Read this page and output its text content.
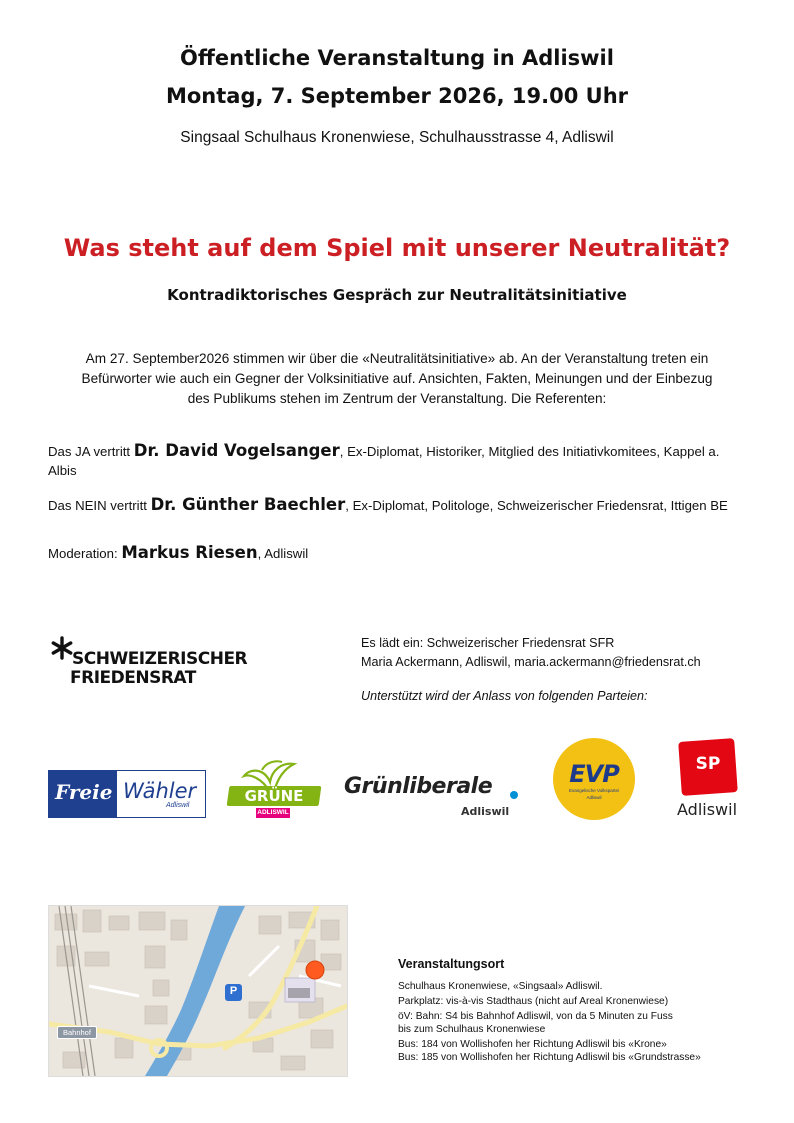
Öffentliche Veranstaltung in Adliswil
Montag, 7. September 2026, 19.00 Uhr
Singsaal Schulhaus Kronenwiese, Schulhausstrasse 4, Adliswil
Was steht auf dem Spiel mit unserer Neutralität?
Kontradiktorisches Gespräch zur Neutralitätsinitiative
Am 27. September2026 stimmen wir über die «Neutralitätsinitiative» ab. An der Veranstaltung treten ein Befürworter wie auch ein Gegner der Volksinitiative auf. Ansichten, Fakten, Meinungen und der Einbezug des Publikums stehen im Zentrum der Veranstaltung. Die Referenten:
Das JA vertritt Dr. David Vogelsanger, Ex-Diplomat, Historiker, Mitglied des Initiativkomitees, Kappel a. Albis
Das NEIN vertritt Dr. Günther Baechler, Ex-Diplomat, Politologe, Schweizerischer Friedensrat, Ittigen BE
Moderation: Markus Riesen, Adliswil
SCHWEIZERISCHER
FRIEDENSRAT
Es lädt ein: Schweizerischer Friedensrat SFR
Maria Ackermann, Adliswil, maria.ackermann@friedensrat.ch
Unterstützt wird der Anlass von folgenden Parteien:
Freie Wähler
Adliswil
GRÜNE
ADLISWIL
Grünliberale
Adliswil
EVP
Evangelische Volkspartei
Adliswil
SP
Adliswil
P
Bahnhof
Veranstaltungsort

Schulhaus Kronenwiese, «Singsaal» Adliswil.

Parkplatz: vis-à-vis Stadthaus (nicht auf Areal Kronenwiese)

öV: Bahn: S4 bis Bahnhof Adliswil, von da 5 Minuten zu Fuss

bis zum Schulhaus Kronenwiese

Bus: 184 von Wollishofen her Richtung Adliswil bis «Krone»

Bus: 185 von Wollishofen her Richtung Adliswil bis «Grundstrasse»
